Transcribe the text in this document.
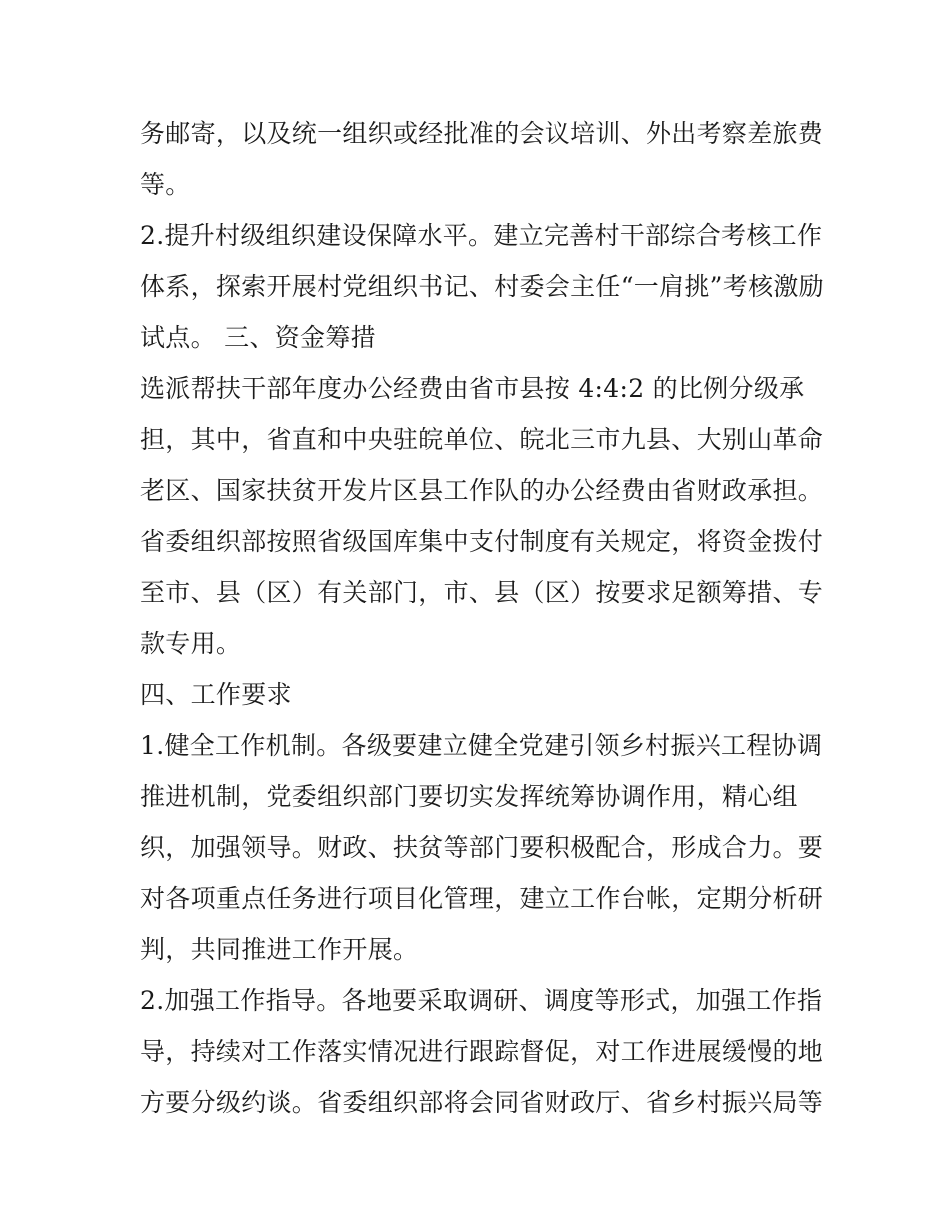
务邮寄，以及统一组织或经批准的会议培训、外出考察差旅费
等。
2.提升村级组织建设保障水平。建立完善村干部综合考核工作
体系，探索开展村党组织书记、村委会主任“一肩挑”考核激励
试点。 三、资金筹措
选派帮扶干部年度办公经费由省市县按 4:4:2 的比例分级承
担，其中，省直和中央驻皖单位、皖北三市九县、大别山革命
老区、国家扶贫开发片区县工作队的办公经费由省财政承担。
省委组织部按照省级国库集中支付制度有关规定，将资金拨付
至市、县（区）有关部门，市、县（区）按要求足额筹措、专
款专用。
四、工作要求
1.健全工作机制。各级要建立健全党建引领乡村振兴工程协调
推进机制，党委组织部门要切实发挥统筹协调作用，精心组
织，加强领导。财政、扶贫等部门要积极配合，形成合力。要
对各项重点任务进行项目化管理，建立工作台帐，定期分析研
判，共同推进工作开展。
2.加强工作指导。各地要采取调研、调度等形式，加强工作指
导，持续对工作落实情况进行跟踪督促，对工作进展缓慢的地
方要分级约谈。省委组织部将会同省财政厅、省乡村振兴局等
